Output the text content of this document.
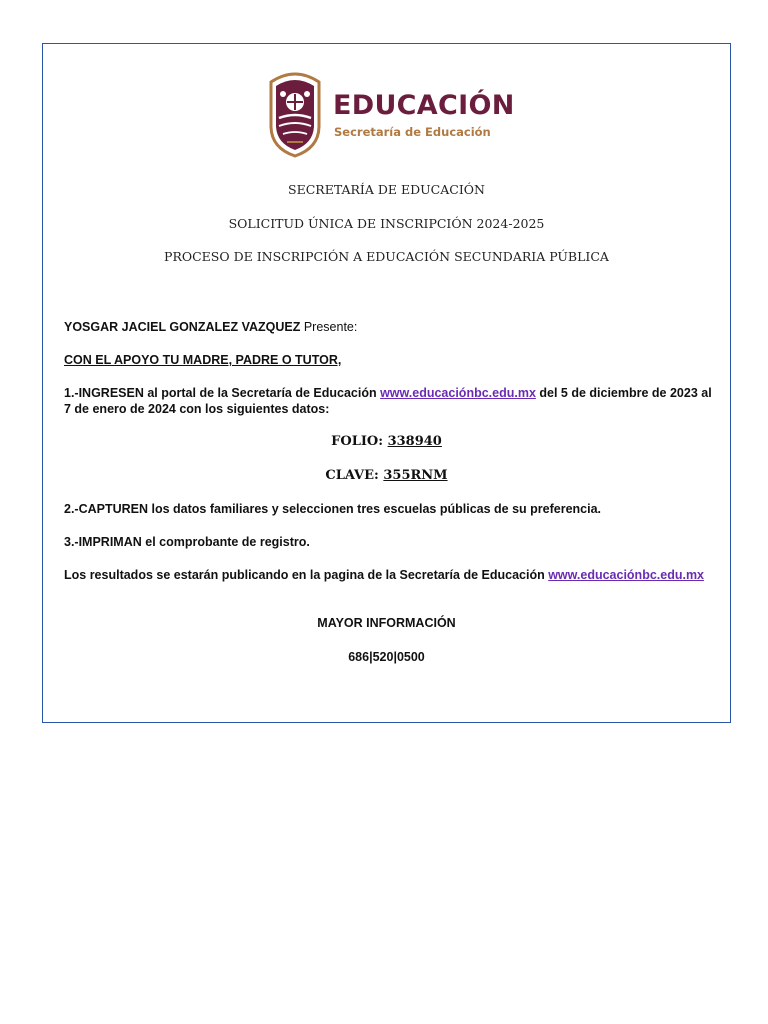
EDUCACIÓN
Secretaría de Educación
SECRETARÍA DE EDUCACIÓN
SOLICITUD ÚNICA DE INSCRIPCIÓN 2024-2025
PROCESO DE INSCRIPCIÓN A EDUCACIÓN SECUNDARIA PÚBLICA
YOSGAR JACIEL GONZALEZ VAZQUEZ Presente:
CON EL APOYO TU MADRE, PADRE O TUTOR,
1.-INGRESEN al portal de la Secretaría de Educación www.educaciónbc.edu.mx del 5 de diciembre de 2023 al 7 de enero de 2024 con los siguientes datos:
FOLIO: 338940
CLAVE: 355RNM
2.-CAPTUREN los datos familiares y seleccionen tres escuelas públicas de su preferencia.
3.-IMPRIMAN el comprobante de registro.
Los resultados se estarán publicando en la pagina de la Secretaría de Educación www.educaciónbc.edu.mx
MAYOR INFORMACIÓN
686|520|0500
